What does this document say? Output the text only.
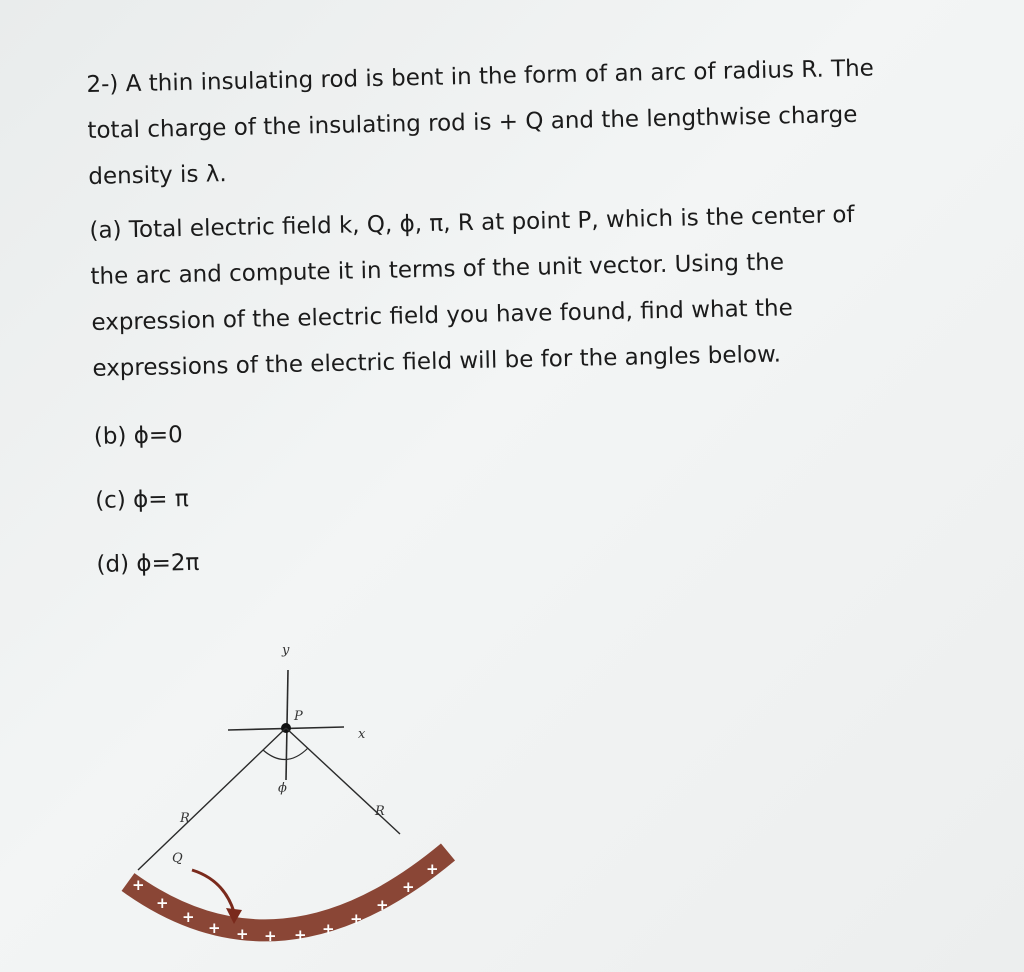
2-) A thin insulating rod is bent in the form of an arc of radius R. The

total charge of the insulating rod is + Q and the lengthwise charge

density is λ.

(a) Total electric field k, Q, ϕ, π, R at point P, which is the center of

the arc and compute it in terms of the unit vector. Using the

expression of the electric field you have found, find what the

expressions of the electric field will be for the angles below.

(b) ϕ=0

(c) ϕ= π

(d) ϕ=2π

y
x
P
R	R
ϕ
+
+
+
+ + + + +
+
+
+
+
Q
